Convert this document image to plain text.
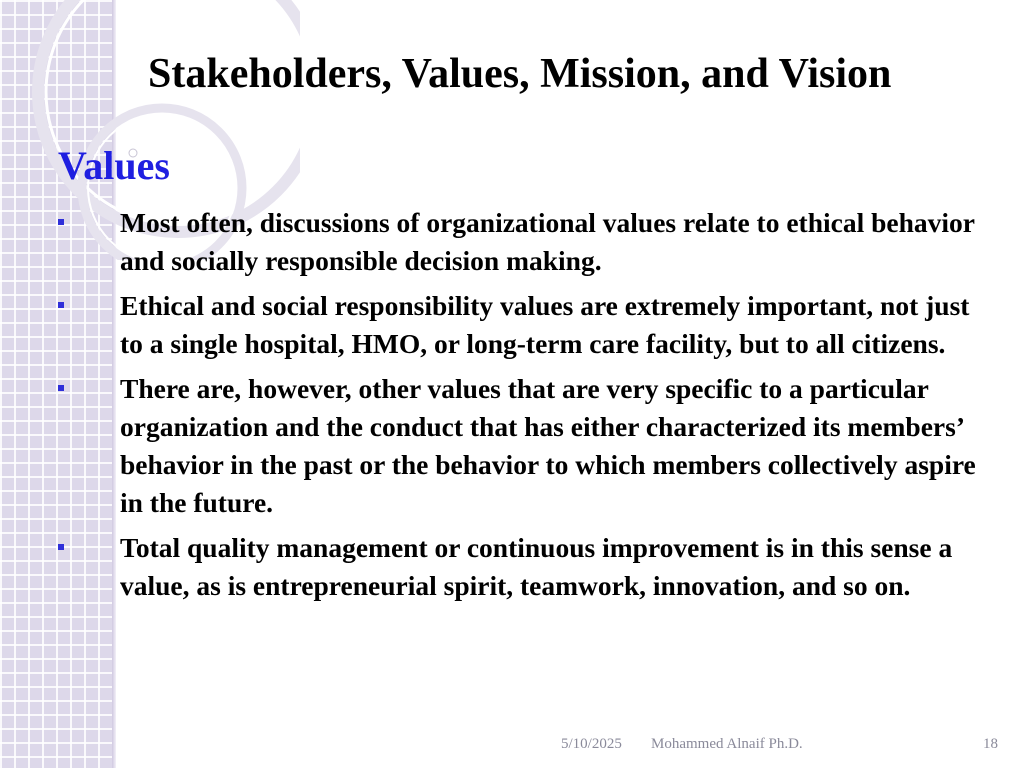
Stakeholders, Values, Mission, and Vision
Values
Most often, discussions of organizational values relate to ethical behavior and socially responsible decision making.
Ethical and social responsibility values are extremely important, not just to a single hospital, HMO, or long-term care facility, but to all citizens.
There are, however, other values that are very specific to a particular organization and the conduct that has either characterized its members’ behavior in the past or the behavior to which members collectively aspire in the future.
Total quality management or continuous improvement is in this sense a value, as is entrepreneurial spirit, teamwork, innovation, and so on.
5/10/2025 Mohammed Alnaif Ph.D.	18
